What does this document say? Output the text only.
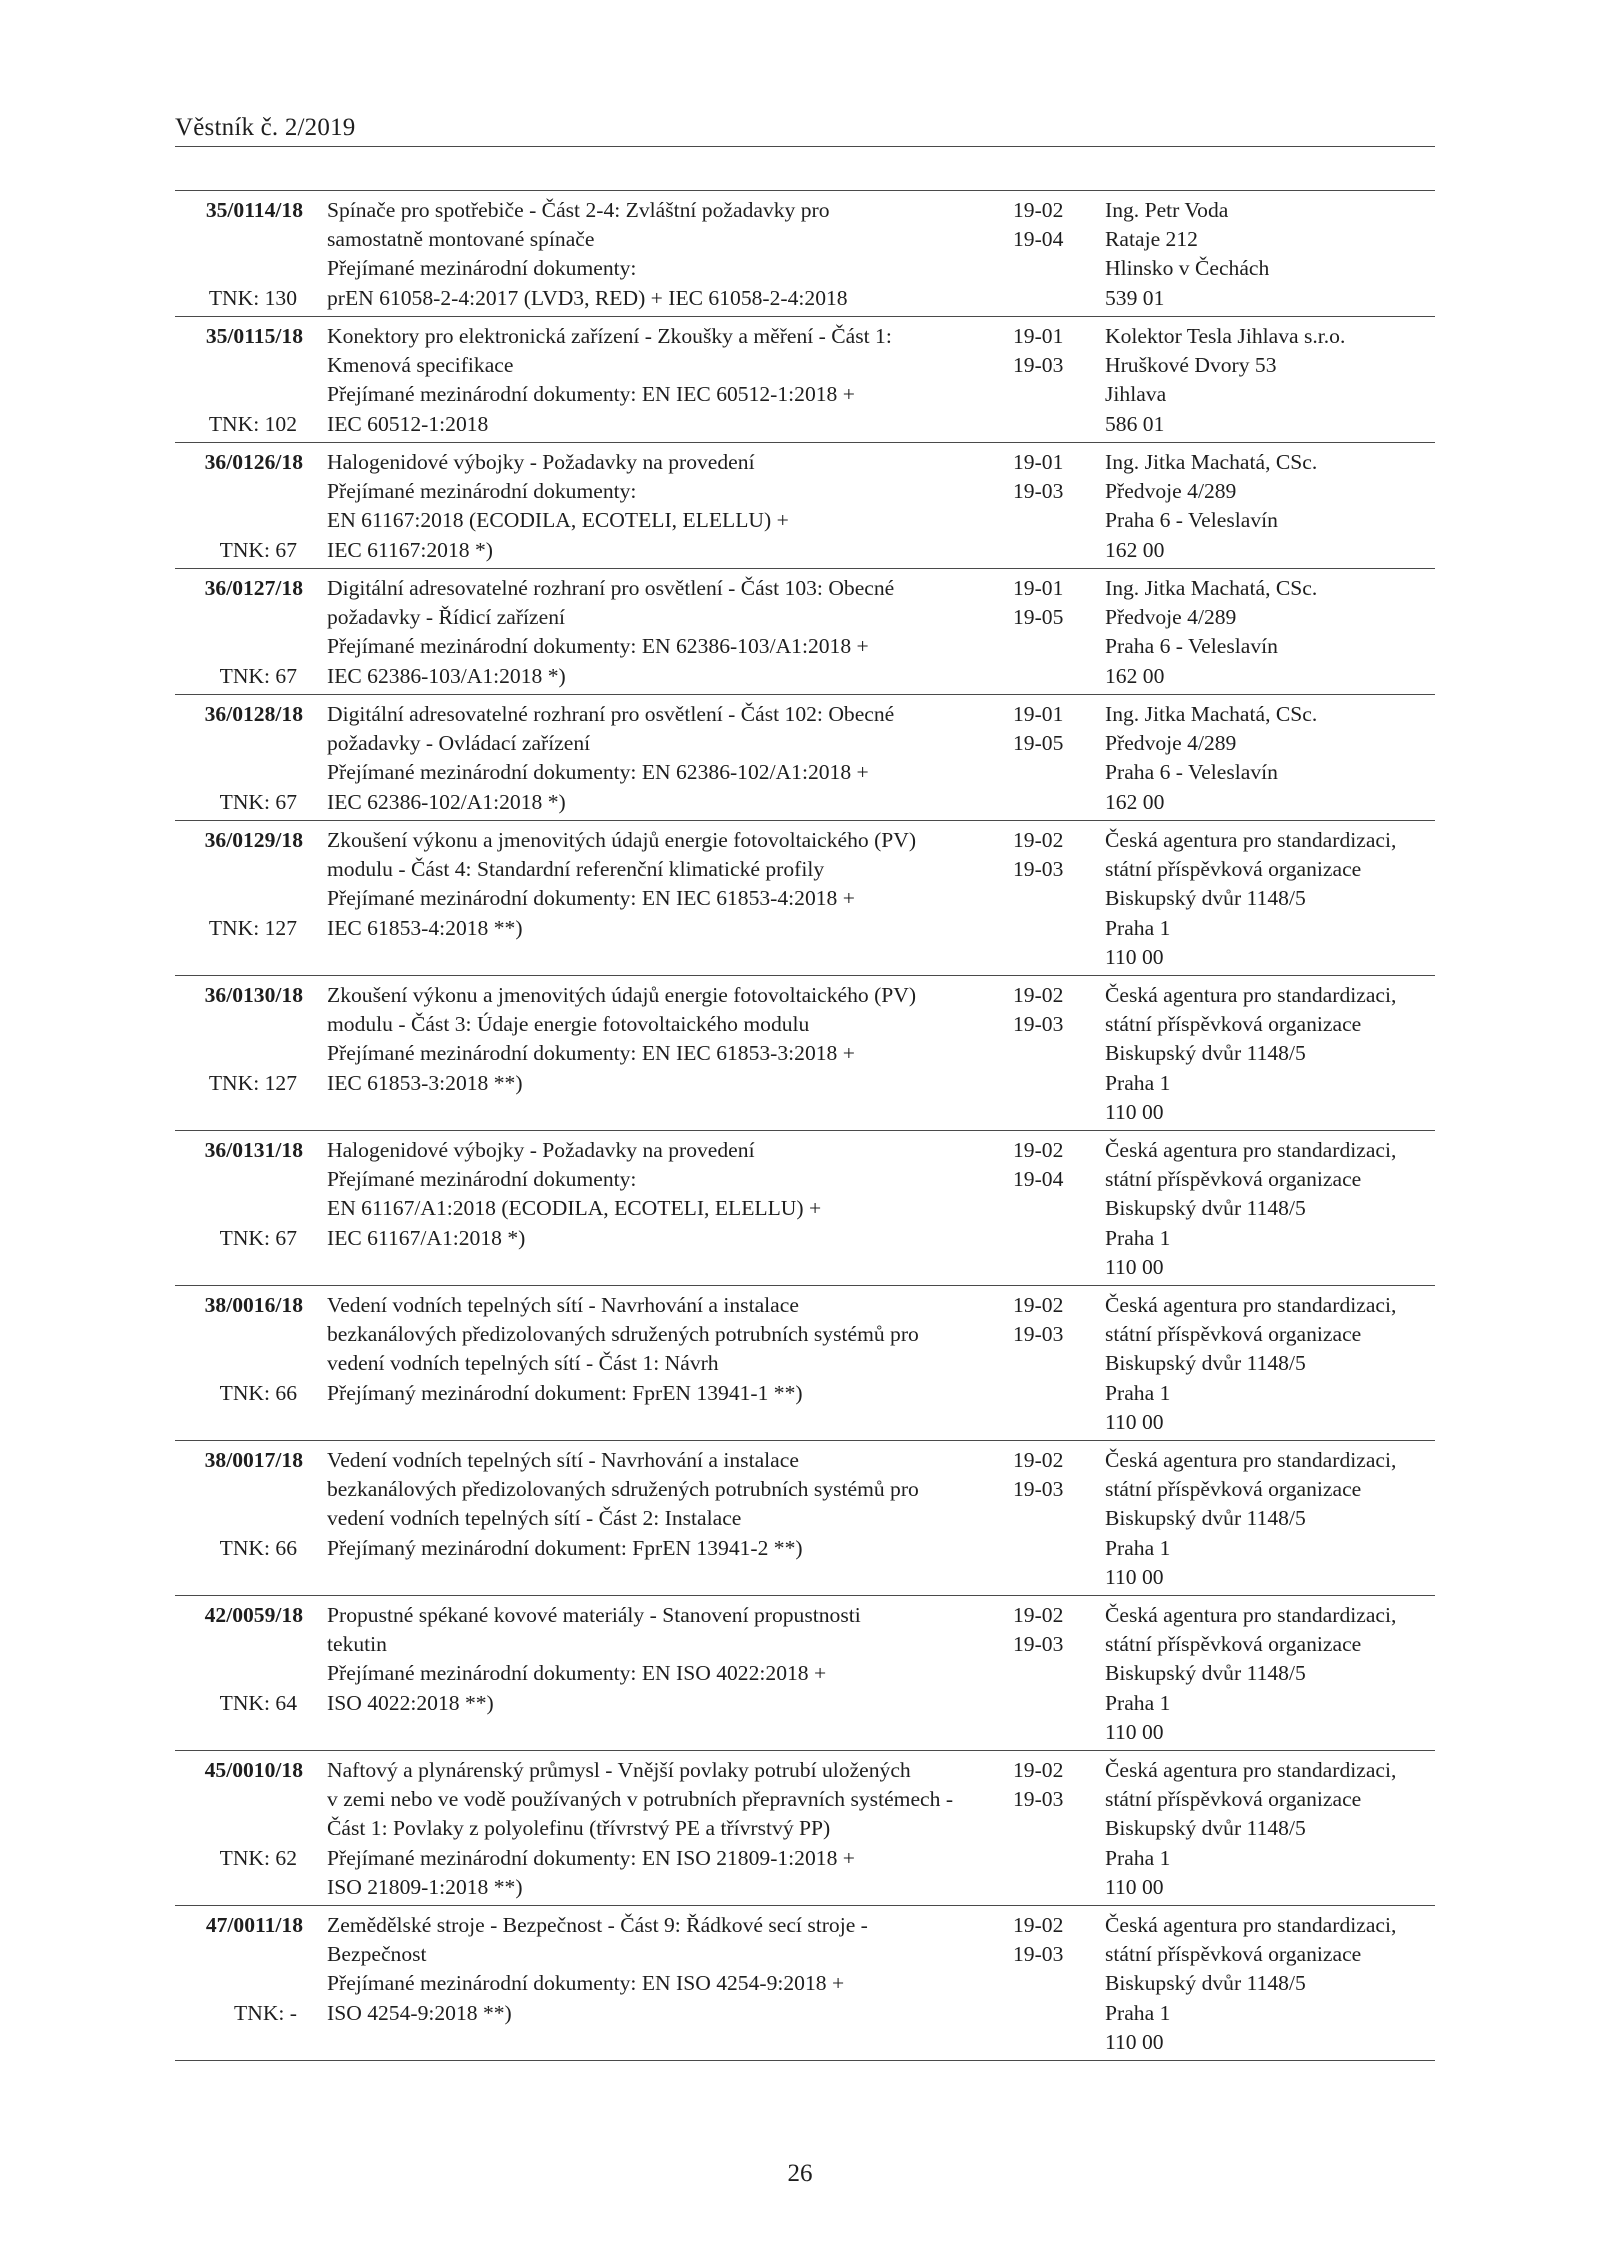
Věstník č. 2/2019
35/0114/18
TNK: 130
Spínače pro spotřebiče - Část 2-4: Zvláštní požadavky pro
samostatně montované spínače
Přejímané mezinárodní dokumenty:
prEN 61058-2-4:2017 (LVD3, RED) + IEC 61058-2-4:2018
19-02
19-04
Ing. Petr Voda
Rataje 212
Hlinsko v Čechách
539 01
35/0115/18
TNK: 102
Konektory pro elektronická zařízení - Zkoušky a měření - Část 1:
Kmenová specifikace
Přejímané mezinárodní dokumenty: EN IEC 60512-1:2018 +
IEC 60512-1:2018
19-01
19-03
Kolektor Tesla Jihlava s.r.o.
Hruškové Dvory 53
Jihlava
586 01
36/0126/18
TNK: 67
Halogenidové výbojky - Požadavky na provedení
Přejímané mezinárodní dokumenty:
EN 61167:2018 (ECODILA, ECOTELI, ELELLU) +
IEC 61167:2018 *)
19-01
19-03
Ing. Jitka Machatá, CSc.
Předvoje 4/289
Praha 6 - Veleslavín
162 00
36/0127/18
TNK: 67
Digitální adresovatelné rozhraní pro osvětlení - Část 103: Obecné
požadavky - Řídicí zařízení
Přejímané mezinárodní dokumenty: EN 62386-103/A1:2018 +
IEC 62386-103/A1:2018 *)
19-01
19-05
Ing. Jitka Machatá, CSc.
Předvoje 4/289
Praha 6 - Veleslavín
162 00
36/0128/18
TNK: 67
Digitální adresovatelné rozhraní pro osvětlení - Část 102: Obecné
požadavky - Ovládací zařízení
Přejímané mezinárodní dokumenty: EN 62386-102/A1:2018 +
IEC 62386-102/A1:2018 *)
19-01
19-05
Ing. Jitka Machatá, CSc.
Předvoje 4/289
Praha 6 - Veleslavín
162 00
36/0129/18
TNK: 127
Zkoušení výkonu a jmenovitých údajů energie fotovoltaického (PV)
modulu - Část 4: Standardní referenční klimatické profily
Přejímané mezinárodní dokumenty: EN IEC 61853-4:2018 +
IEC 61853-4:2018 **)
19-02
19-03
Česká agentura pro standardizaci,
státní příspěvková organizace
Biskupský dvůr 1148/5
Praha 1
110 00
36/0130/18
TNK: 127
Zkoušení výkonu a jmenovitých údajů energie fotovoltaického (PV)
modulu - Část 3: Údaje energie fotovoltaického modulu
Přejímané mezinárodní dokumenty: EN IEC 61853-3:2018 +
IEC 61853-3:2018 **)
19-02
19-03
Česká agentura pro standardizaci,
státní příspěvková organizace
Biskupský dvůr 1148/5
Praha 1
110 00
36/0131/18
TNK: 67
Halogenidové výbojky - Požadavky na provedení
Přejímané mezinárodní dokumenty:
EN 61167/A1:2018 (ECODILA, ECOTELI, ELELLU) +
IEC 61167/A1:2018 *)
19-02
19-04
Česká agentura pro standardizaci,
státní příspěvková organizace
Biskupský dvůr 1148/5
Praha 1
110 00
38/0016/18
TNK: 66
Vedení vodních tepelných sítí - Navrhování a instalace
bezkanálových předizolovaných sdružených potrubních systémů pro
vedení vodních tepelných sítí - Část 1: Návrh
Přejímaný mezinárodní dokument: FprEN 13941-1 **)
19-02
19-03
Česká agentura pro standardizaci,
státní příspěvková organizace
Biskupský dvůr 1148/5
Praha 1
110 00
38/0017/18
TNK: 66
Vedení vodních tepelných sítí - Navrhování a instalace
bezkanálových předizolovaných sdružených potrubních systémů pro
vedení vodních tepelných sítí - Část 2: Instalace
Přejímaný mezinárodní dokument: FprEN 13941-2 **)
19-02
19-03
Česká agentura pro standardizaci,
státní příspěvková organizace
Biskupský dvůr 1148/5
Praha 1
110 00
42/0059/18
TNK: 64
Propustné spékané kovové materiály - Stanovení propustnosti
tekutin
Přejímané mezinárodní dokumenty: EN ISO 4022:2018 +
ISO 4022:2018 **)
19-02
19-03
Česká agentura pro standardizaci,
státní příspěvková organizace
Biskupský dvůr 1148/5
Praha 1
110 00
45/0010/18
TNK: 62
Naftový a plynárenský průmysl - Vnější povlaky potrubí uložených
v zemi nebo ve vodě používaných v potrubních přepravních systémech -
Část 1: Povlaky z polyolefinu (třívrstvý PE a třívrstvý PP)
Přejímané mezinárodní dokumenty: EN ISO 21809-1:2018 +
ISO 21809-1:2018 **)
19-02
19-03
Česká agentura pro standardizaci,
státní příspěvková organizace
Biskupský dvůr 1148/5
Praha 1
110 00
47/0011/18
TNK: -
Zemědělské stroje - Bezpečnost - Část 9: Řádkové secí stroje -
Bezpečnost
Přejímané mezinárodní dokumenty: EN ISO 4254-9:2018 +
ISO 4254-9:2018 **)
19-02
19-03
Česká agentura pro standardizaci,
státní příspěvková organizace
Biskupský dvůr 1148/5
Praha 1
110 00
26
